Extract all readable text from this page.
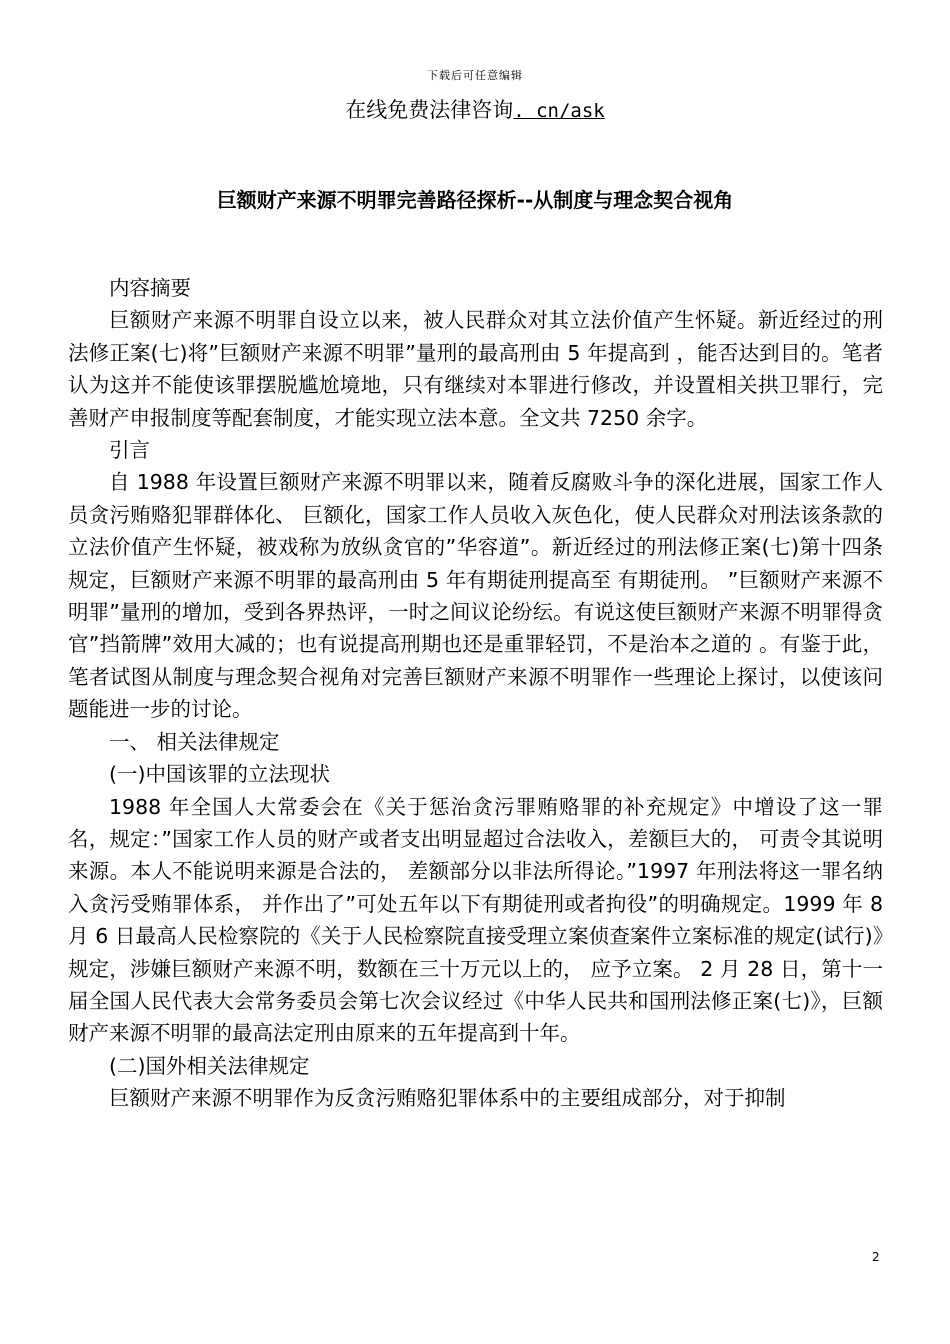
下载后可任意编辑
在线免费法律咨询. cn/ask
巨额财产来源不明罪完善路径探析--从制度与理念契合视角

内容摘要

巨额财产来源不明罪自设立以来，被人民群众对其立法价值产生怀疑。新近经过的刑法修正案(七)将”巨额财产来源不明罪”量刑的最高刑由 5 年提高到 ，能否达到目的。笔者认为这并不能使该罪摆脱尴尬境地，只有继续对本罪进行修改，并设置相关拱卫罪行，完善财产申报制度等配套制度，才能实现立法本意。全文共 7250 余字。

引言

自 1988 年设置巨额财产来源不明罪以来，随着反腐败斗争的深化进展，国家工作人员贪污贿赂犯罪群体化、 巨额化，国家工作人员收入灰色化，使人民群众对刑法该条款的立法价值产生怀疑，被戏称为放纵贪官的”华容道”。新近经过的刑法修正案(七)第十四条规定，巨额财产来源不明罪的最高刑由 5 年有期徒刑提高至 有期徒刑。 ”巨额财产来源不明罪”量刑的增加，受到各界热评，一时之间议论纷纭。有说这使巨额财产来源不明罪得贪官”挡箭牌”效用大减的；也有说提高刑期也还是重罪轻罚，不是治本之道的 。有鉴于此，笔者试图从制度与理念契合视角对完善巨额财产来源不明罪作一些理论上探讨，以使该问题能进一步的讨论。

一、 相关法律规定

(一)中国该罪的立法现状

1988 年全国人大常委会在《关于惩治贪污罪贿赂罪的补充规定》中增设了这一罪名，规定：”国家工作人员的财产或者支出明显超过合法收入，差额巨大的， 可责令其说明来源。本人不能说明来源是合法的， 差额部分以非法所得论。”1997 年刑法将这一罪名纳入贪污受贿罪体系， 并作出了”可处五年以下有期徒刑或者拘役”的明确规定。1999 年 8 月 6 日最高人民检察院的《关于人民检察院直接受理立案侦查案件立案标准的规定(试行)》规定，涉嫌巨额财产来源不明，数额在三十万元以上的， 应予立案。 2 月 28 日，第十一届全国人民代表大会常务委员会第七次会议经过《中华人民共和国刑法修正案(七)》，巨额财产来源不明罪的最高法定刑由原来的五年提高到十年。

(二)国外相关法律规定

巨额财产来源不明罪作为反贪污贿赂犯罪体系中的主要组成部分，对于抑制

2
